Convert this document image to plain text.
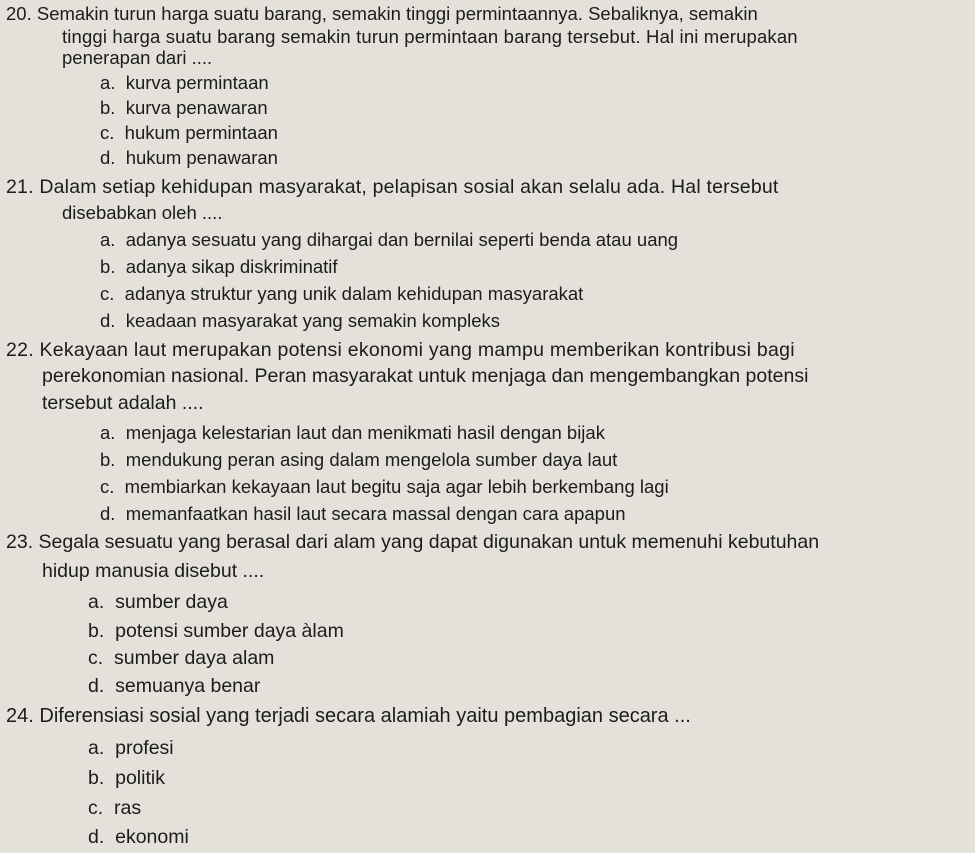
20. Semakin turun harga suatu barang, semakin tinggi permintaannya. Sebaliknya, semakin
tinggi harga suatu barang semakin turun permintaan barang tersebut. Hal ini merupakan
penerapan dari ....
a. kurva permintaan
b. kurva penawaran
c. hukum permintaan
d. hukum penawaran
21. Dalam setiap kehidupan masyarakat, pelapisan sosial akan selalu ada. Hal tersebut
disebabkan oleh ....
a. adanya sesuatu yang dihargai dan bernilai seperti benda atau uang
b. adanya sikap diskriminatif
c. adanya struktur yang unik dalam kehidupan masyarakat
d. keadaan masyarakat yang semakin kompleks
22. Kekayaan laut merupakan potensi ekonomi yang mampu memberikan kontribusi bagi
perekonomian nasional. Peran masyarakat untuk menjaga dan mengembangkan potensi
tersebut adalah ....
a. menjaga kelestarian laut dan menikmati hasil dengan bijak
b. mendukung peran asing dalam mengelola sumber daya laut
c. membiarkan kekayaan laut begitu saja agar lebih berkembang lagi
d. memanfaatkan hasil laut secara massal dengan cara apapun
23. Segala sesuatu yang berasal dari alam yang dapat digunakan untuk memenuhi kebutuhan
hidup manusia disebut ....
a. sumber daya
b. potensi sumber daya àlam
c. sumber daya alam
d. semuanya benar
24. Diferensiasi sosial yang terjadi secara alamiah yaitu pembagian secara ...
a. profesi
b. politik
c. ras
d. ekonomi
